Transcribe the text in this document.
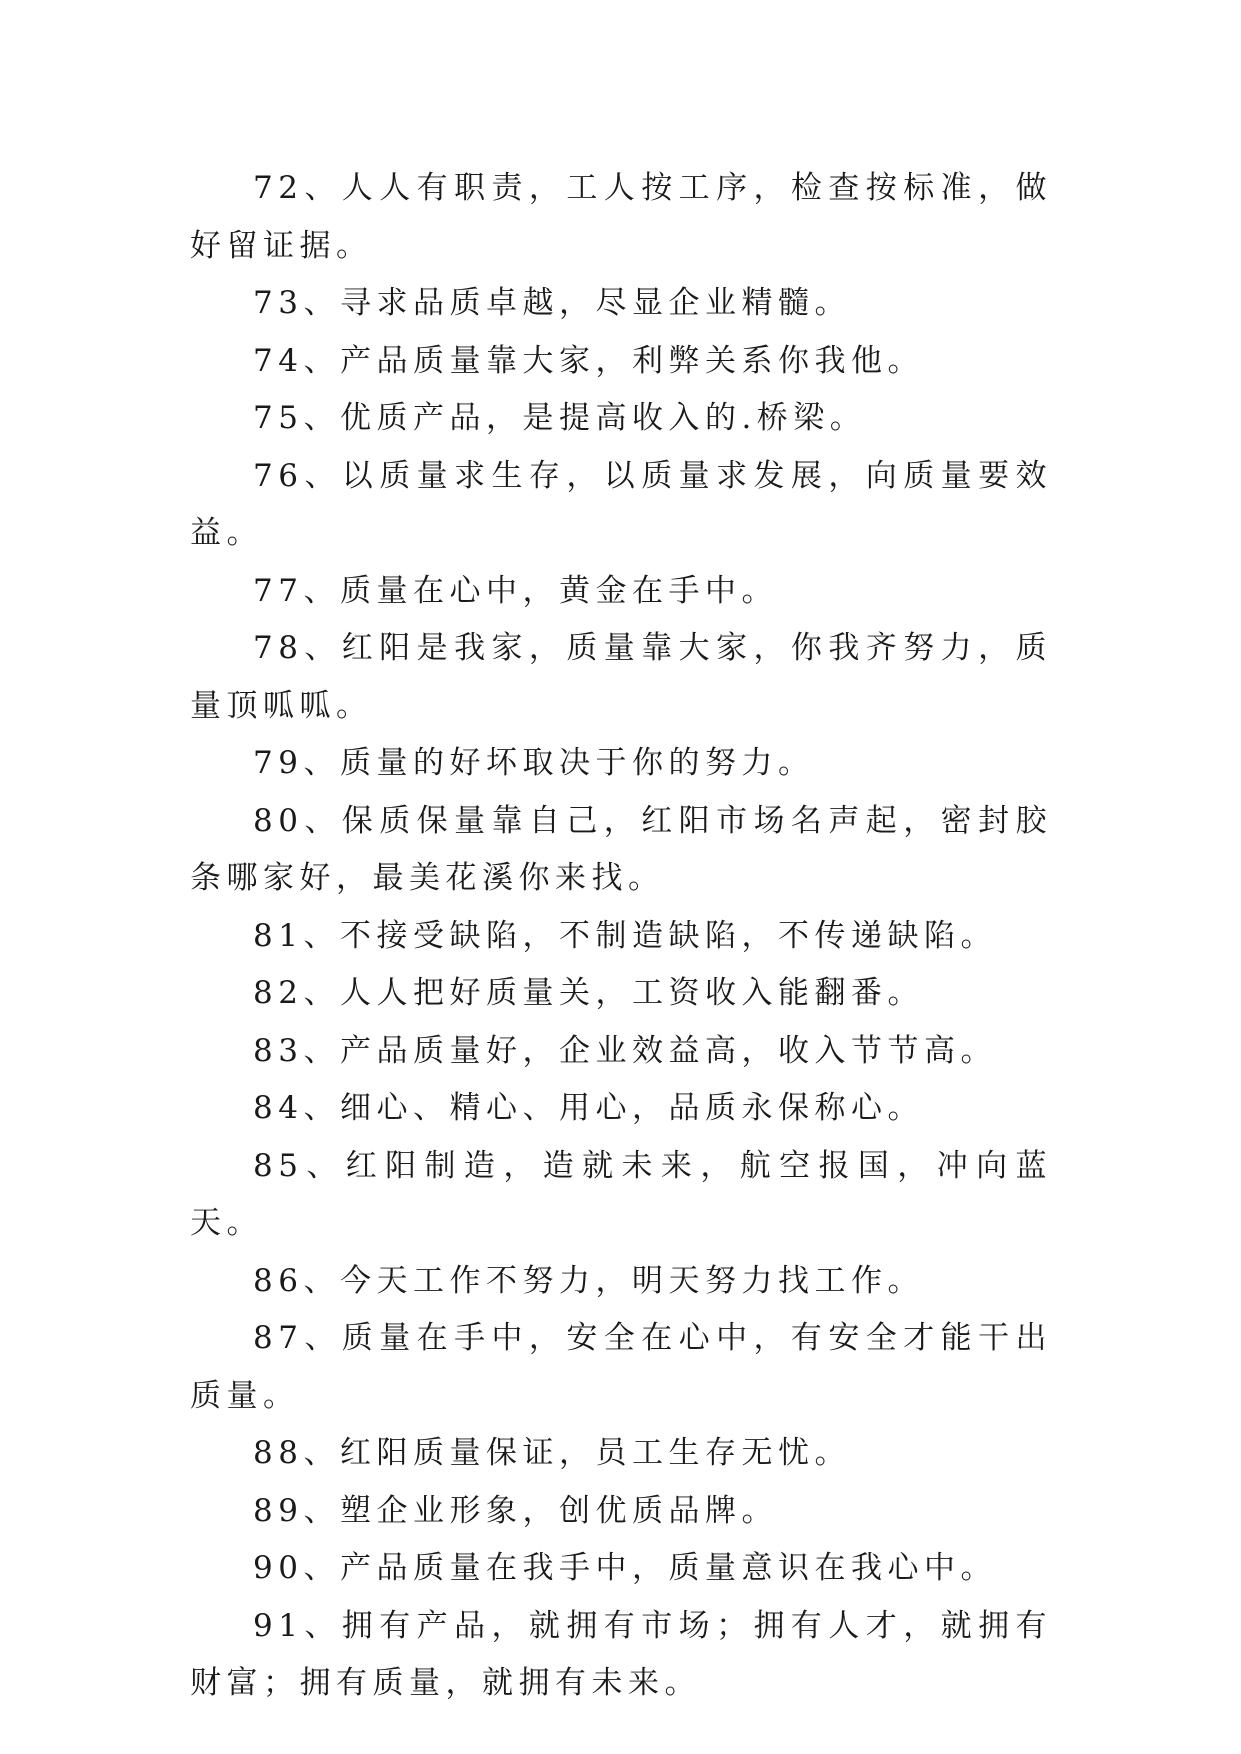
72、人人有职责，工人按工序，检查按标准，做好留证据。

73、寻求品质卓越，尽显企业精髓。

74、产品质量靠大家，利弊关系你我他。

75、优质产品，是提高收入的.桥梁。

76、以质量求生存，以质量求发展，向质量要效益。

77、质量在心中，黄金在手中。

78、红阳是我家，质量靠大家，你我齐努力，质量顶呱呱。

79、质量的好坏取决于你的努力。

80、保质保量靠自己，红阳市场名声起，密封胶条哪家好，最美花溪你来找。

81、不接受缺陷，不制造缺陷，不传递缺陷。

82、人人把好质量关，工资收入能翻番。

83、产品质量好，企业效益高，收入节节高。

84、细心、精心、用心，品质永保称心。

85、红阳制造，造就未来，航空报国，冲向蓝天。

86、今天工作不努力，明天努力找工作。

87、质量在手中，安全在心中，有安全才能干出质量。

88、红阳质量保证，员工生存无忧。

89、塑企业形象，创优质品牌。

90、产品质量在我手中，质量意识在我心中。

91、拥有产品，就拥有市场；拥有人才，就拥有财富；拥有质量，就拥有未来。
